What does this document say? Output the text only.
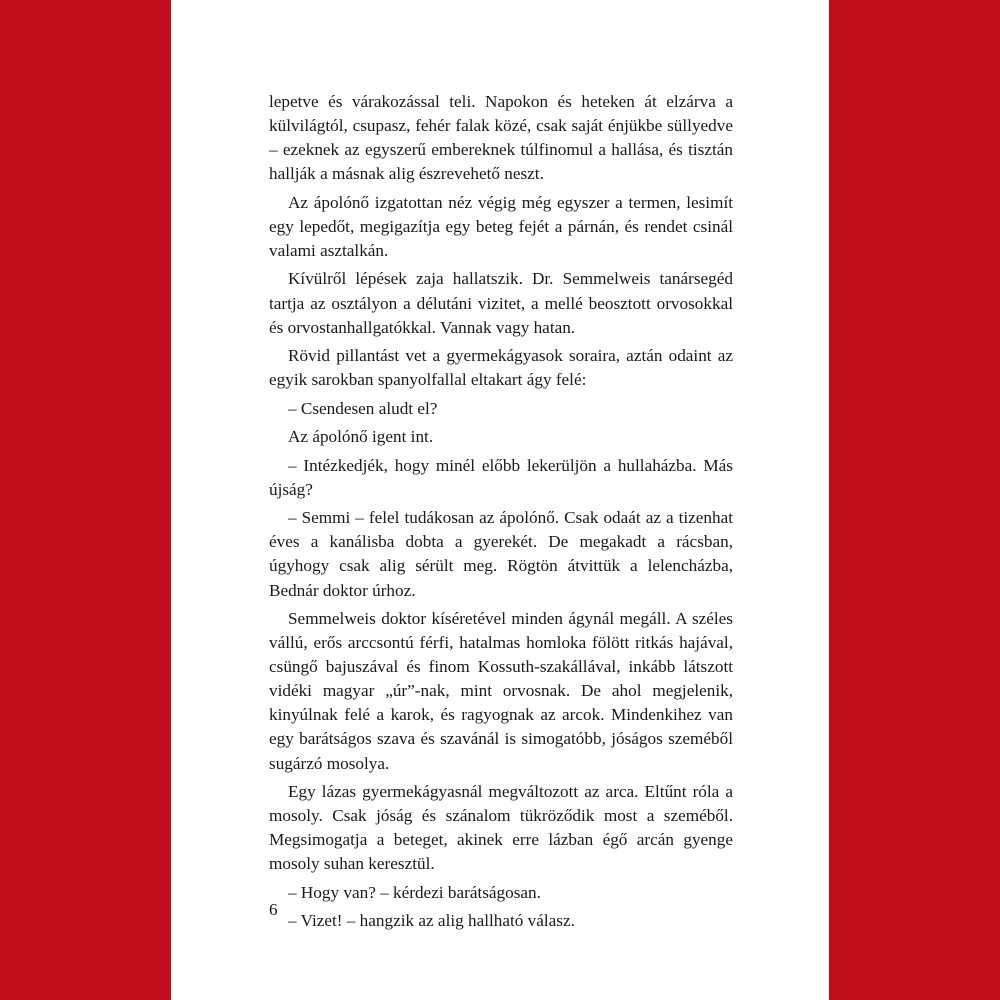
lepetve és várakozással teli. Napokon és heteken át elzárva a külvilágtól, csupasz, fehér falak közé, csak saját énjükbe süllyedve – ezeknek az egyszerű embereknek túlfinomul a hallása, és tisztán hallják a másnak alig észrevehető neszt.

Az ápolónő izgatottan néz végig még egyszer a termen, lesimít egy lepedőt, megigazítja egy beteg fejét a párnán, és rendet csinál valami asztalkán.

Kívülről lépések zaja hallatszik. Dr. Semmelweis tanársegéd tartja az osztályon a délutáni vizitet, a mellé beosztott orvosokkal és orvostanhallgatókkal. Vannak vagy hatan.

Rövid pillantást vet a gyermekágyasok soraira, aztán odaint az egyik sarokban spanyolfallal eltakart ágy felé:

– Csendesen aludt el?

Az ápolónő igent int.

– Intézkedjék, hogy minél előbb lekerüljön a hullaházba. Más újság?

– Semmi – felel tudákosan az ápolónő. Csak odaát az a tizenhat éves a kanálisba dobta a gyerekét. De megakadt a rácsban, úgyhogy csak alig sérült meg. Rögtön átvittük a lelencházba, Bednár doktor úrhoz.

Semmelweis doktor kíséretével minden ágynál megáll. A széles vállú, erős arccsontú férfi, hatalmas homloka fölött ritkás hajával, csüngő bajuszával és finom Kossuth-szakállával, inkább látszott vidéki magyar „úr”-nak, mint orvosnak. De ahol megjelenik, kinyúlnak felé a karok, és ragyognak az arcok. Mindenkihez van egy barátságos szava és szavánál is simogatóbb, jóságos szeméből sugárzó mosolya.

Egy lázas gyermekágyasnál megváltozott az arca. Eltűnt róla a mosoly. Csak jóság és szánalom tükröződik most a szeméből. Megsimogatja a beteget, akinek erre lázban égő arcán gyenge mosoly suhan keresztül.

– Hogy van? – kérdezi barátságosan.

– Vizet! – hangzik az alig hallható válasz.

6
